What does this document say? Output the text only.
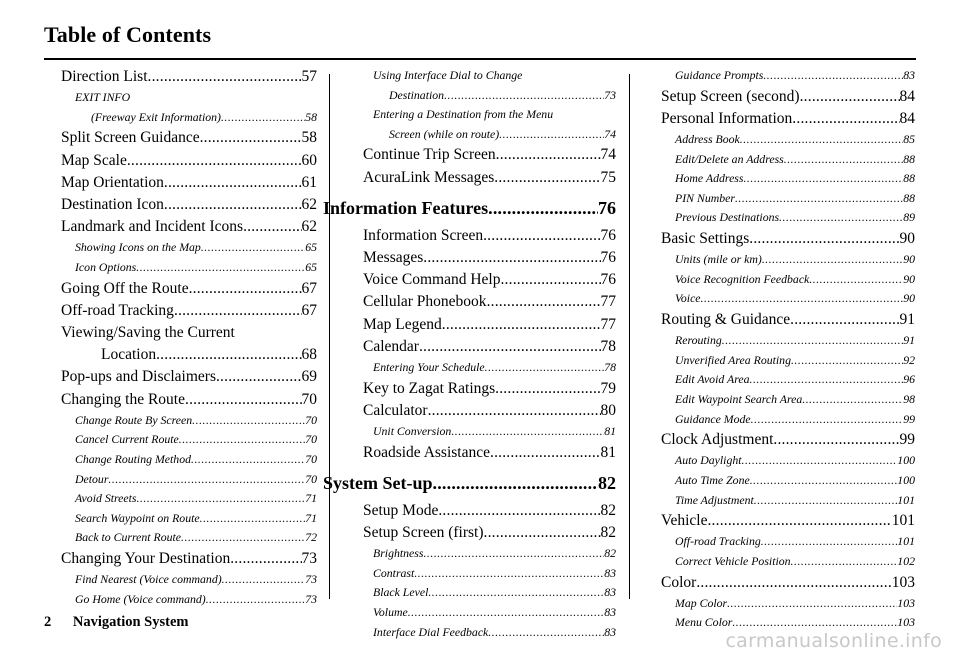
Table of Contents
Direction List .....	57
EXIT INFO
(Freeway Exit Information) .....	58
Split Screen Guidance .....	58
Map Scale .....	60
Map Orientation .....	61
Destination Icon .....	62
Landmark and Incident Icons .....	62
Showing Icons on the Map .....	65
Icon Options .....	65
Going Off the Route .....	67
Off-road Tracking .....	67
Viewing/Saving the Current
Location .....	68
Pop-ups and Disclaimers .....	69
Changing the Route .....	70
Change Route By Screen .....	70
Cancel Current Route .....	70
Change Routing Method .....	70
Detour .....	70
Avoid Streets .....	71
Search Waypoint on Route .....	71
Back to Current Route .....	72
Changing Your Destination .....	73
Find Nearest (Voice command) .....	73
Go Home (Voice command) .....	73
Using Interface Dial to Change
Destination .....	73
Entering a Destination from the Menu
Screen (while on route) .....	74
Continue Trip Screen .....	74
AcuraLink Messages .....	75
Information Features .....	76
Information Screen .....	76
Messages .....	76
Voice Command Help .....	76
Cellular Phonebook .....	77
Map Legend .....	77
Calendar .....	78
Entering Your Schedule .....	78
Key to Zagat Ratings .....	79
Calculator .....	80
Unit Conversion .....	81
Roadside Assistance .....	81
System Set-up .....	82
Setup Mode .....	82
Setup Screen (first) .....	82
Brightness .....	82
Contrast .....	83
Black Level .....	83
Volume .....	83
Interface Dial Feedback .....	83
Guidance Prompts .....	83
Setup Screen (second) .....	84
Personal Information .....	84
Address Book .....	85
Edit/Delete an Address .....	88
Home Address .....	88
PIN Number .....	88
Previous Destinations .....	89
Basic Settings .....	90
Units (mile or km) .....	90
Voice Recognition Feedback .....	90
Voice .....	90
Routing & Guidance .....	91
Rerouting .....	91
Unverified Area Routing .....	92
Edit Avoid Area .....	96
Edit Waypoint Search Area .....	98
Guidance Mode .....	99
Clock Adjustment .....	99
Auto Daylight .....	100
Auto Time Zone .....	100
Time Adjustment .....	101
Vehicle .....	101
Off-road Tracking .....	101
Correct Vehicle Position .....	102
Color .....	103
Map Color .....	103
Menu Color .....	103
2 Navigation System
carmanualsonline.info
